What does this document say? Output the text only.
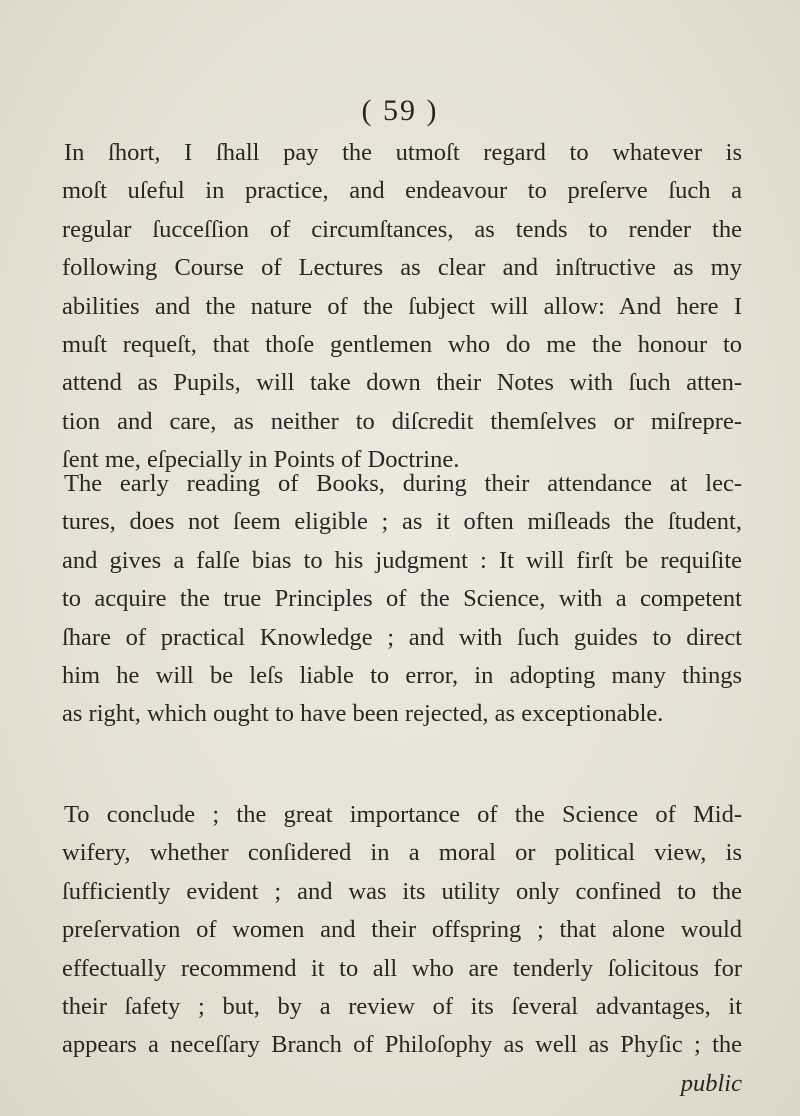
( 59 )
In ſhort, I ſhall pay the utmoſt regard to whatever is
moſt uſeful in practice, and endeavour to preſerve ſuch a
regular ſucceſſion of circumſtances, as tends to render the
following Course of Lectures as clear and inſtructive as my
abilities and the nature of the ſubject will allow: And here I
muſt requeſt, that thoſe gentlemen who do me the honour to
attend as Pupils, will take down their Notes with ſuch atten-
tion and care, as neither to diſcredit themſelves or miſrepre-
ſent me, eſpecially in Points of Doctrine.
The early reading of Books, during their attendance at lec-
tures, does not ſeem eligible ; as it often miſleads the ſtudent,
and gives a falſe bias to his judgment : It will firſt be requiſite
to acquire the true Principles of the Science, with a competent
ſhare of practical Knowledge ; and with ſuch guides to direct
him he will be leſs liable to error, in adopting many things
as right, which ought to have been rejected, as exceptionable.
To conclude ; the great importance of the Science of Mid-
wifery, whether conſidered in a moral or political view, is
ſufficiently evident ; and was its utility only confined to the
preſervation of women and their offspring ; that alone would
effectually recommend it to all who are tenderly ſolicitous for
their ſafety ; but, by a review of its ſeveral advantages, it
appears a neceſſary Branch of Philoſophy as well as Phyſic ; the
public
